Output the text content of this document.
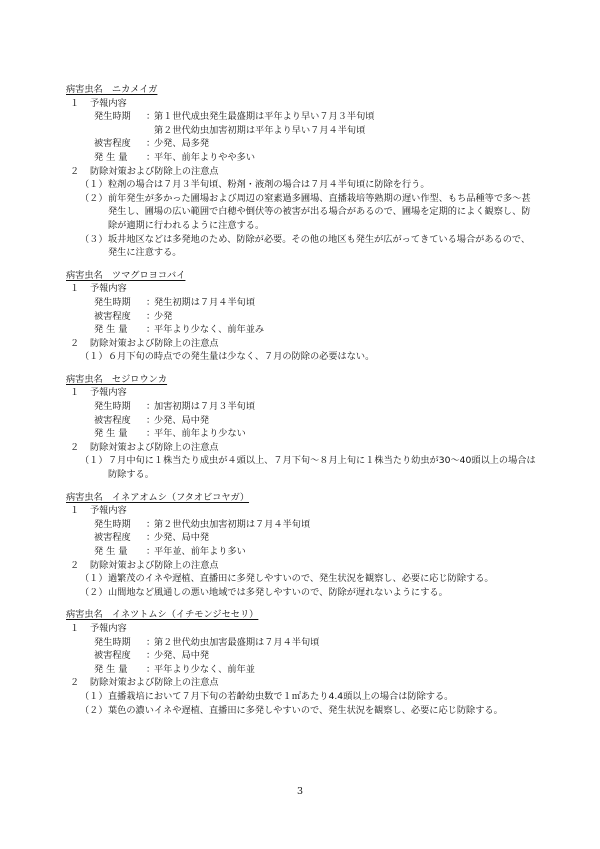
病害虫名　ニカメイガ
１	予報内容
発生時期	：
第１世代成虫発生最盛期は平年より早い７月３半旬頃
第２世代幼虫加害初期は平年より早い７月４半旬頃
被害程度	：
少発、局多発
発 生 量	：
平年、前年よりやや多い
２	防除対策および防除上の注意点
（１） 粒剤の場合は７月３半旬頃、粉剤・液剤の場合は７月４半旬頃に防除を行う。
（２） 前年発生が多かった圃場および周辺の窒素過多圃場、直播栽培等熟期の遅い作型、もち品種等で多～甚発生し、圃場の広い範囲で白穂や倒伏等の被害が出る場合があるので、圃場を定期的によく観察し、防除が適期に行われるように注意する。
（３） 坂井地区などは多発地のため、防除が必要。その他の地区も発生が広がってきている場合があるので、発生に注意する。
病害虫名　ツマグロヨコバイ
１	予報内容
発生時期	：
発生初期は７月４半旬頃
被害程度	：
少発
発 生 量	：
平年より少なく、前年並み
２	防除対策および防除上の注意点
（１） ６月下旬の時点での発生量は少なく、７月の防除の必要はない。
病害虫名　セジロウンカ
１	予報内容
発生時期	：
加害初期は７月３半旬頃
被害程度	：
少発、局中発
発 生 量	：
平年、前年より少ない
２	防除対策および防除上の注意点
（１） ７月中旬に１株当たり成虫が４頭以上、７月下旬～８月上旬に１株当たり幼虫が30～40頭以上の場合は防除する。
病害虫名　イネアオムシ（フタオビコヤガ）
１	予報内容
発生時期	：
第２世代幼虫加害初期は７月４半旬頃
被害程度	：
少発、局中発
発 生 量	：
平年並、前年より多い
２	防除対策および防除上の注意点
（１） 過繁茂のイネや遅植、直播田に多発しやすいので、発生状況を観察し、必要に応じ防除する。
（２） 山間地など風通しの悪い地域では多発しやすいので、防除が遅れないようにする。
病害虫名　イネツトムシ（イチモンジセセリ）
１	予報内容
発生時期	：
第２世代幼虫加害最盛期は７月４半旬頃
被害程度	：
少発、局中発
発 生 量	：
平年より少なく、前年並
２	防除対策および防除上の注意点
（１） 直播栽培において７月下旬の若齢幼虫数で１㎡あたり4.4頭以上の場合は防除する。
（２） 葉色の濃いイネや遅植、直播田に多発しやすいので、発生状況を観察し、必要に応じ防除する。
3
